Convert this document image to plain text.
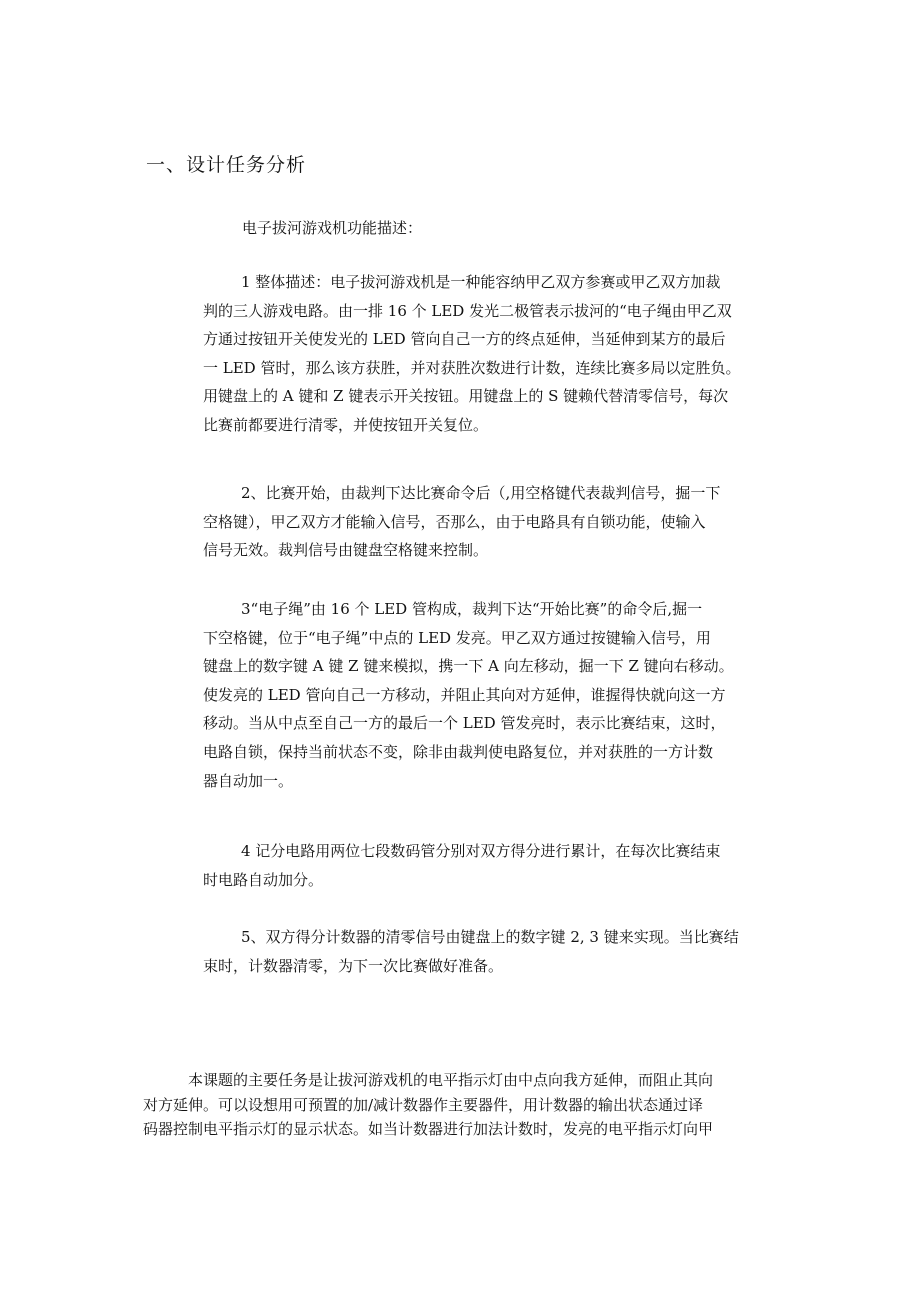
一、设计任务分析
电子拔河游戏机功能描述：

1 整体描述：电子拔河游戏机是一种能容纳甲乙双方参赛或甲乙双方加裁
判的三人游戏电路。由一排 16 个 LED 发光二极管表示拔河的“电子绳由甲乙双
方通过按钮开关使发光的 LED 管向自己一方的终点延伸，当延伸到某方的最后
一 LED 管时，那么该方获胜，并对获胜次数进行计数，连续比赛多局以定胜负。
用键盘上的 A 键和 Z 键表示开关按钮。用键盘上的 S 键赖代替清零信号，每次
比赛前都要进行清零，并使按钮开关复位。

2、比赛开始，由裁判下达比赛命令后（,用空格键代表裁判信号，掘一下
空格键），甲乙双方才能输入信号，否那么，由于电路具有自锁功能，使输入
信号无效。裁判信号由键盘空格键来控制。

3“电子绳”由 16 个 LED 管构成，裁判下达“开始比赛”的命令后,掘一
下空格键，位于“电子绳”中点的 LED 发亮。甲乙双方通过按键输入信号，用
键盘上的数字键 A 键 Z 键来模拟，携一下 A 向左移动，掘一下 Z 键向右移动。
使发亮的 LED 管向自己一方移动，并阻止其向对方延伸，谁握得快就向这一方
移动。当从中点至自己一方的最后一个 LED 管发亮时，表示比赛结束，这时，
电路自锁，保持当前状态不变，除非由裁判使电路复位，并对获胜的一方计数
器自动加一。

4 记分电路用两位七段数码管分别对双方得分进行累计，在每次比赛结束
时电路自动加分。

5、双方得分计数器的清零信号由键盘上的数字键 2, 3 键来实现。当比赛结
束时，计数器清零，为下一次比赛做好准备。

本课题的主要任务是让拔河游戏机的电平指示灯由中点向我方延伸，而阻止其向
对方延伸。可以设想用可预置的加/减计数器作主要器件，用计数器的输出状态通过译
码器控制电平指示灯的显示状态。如当计数器进行加法计数时，发亮的电平指示灯向甲
